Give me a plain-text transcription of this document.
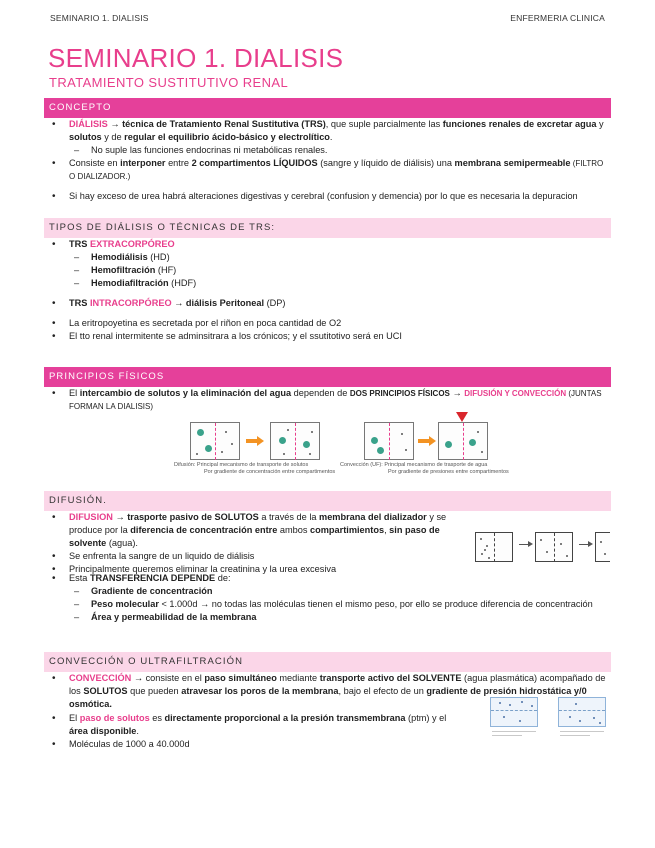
SEMINARIO 1. DIALISIS	ENFERMERIA CLINICA
SEMINARIO 1. DIALISIS
TRATAMIENTO SUSTITUTIVO RENAL
CONCEPTO
• DIÁLISIS → técnica de Tratamiento Renal Sustitutiva (TRS), que suple parcialmente las funciones renales de excretar agua y solutos y de regular el equilibrio ácido-básico y electrolítico.
– No suple las funciones endocrinas ni metabólicas renales.
• Consiste en interponer entre 2 compartimentos LÍQUIDOS (sangre y líquido de diálisis) una membrana semipermeable (FILTRO O DIALIZADOR.)
• Si hay exceso de urea habrá alteraciones digestivas y cerebral (confusion y demencia) por lo que es necesaria la depuracion
TIPOS DE DIÁLISIS O TÉCNICAS DE TRS:
• TRS EXTRACORPÓREO
– Hemodiálisis (HD)
– Hemofiltración (HF)
– Hemodiafiltración (HDF)
• TRS INTRACORPÓREO → diálisis Peritoneal (DP)
• La eritropoyetina es secretada por el riñon en poca cantidad de O2
• El tto renal intermitente se adminsitrara a los crónicos; y el ssutitotivo será en UCI
PRINCIPIOS FÍSICOS
• El intercambio de solutos y la eliminación del agua dependen de DOS PRINCIPIOS FÍSICOS → DIFUSIÓN Y CONVECCIÓN (JUNTAS FORMAN LA DIALISIS)
Difusión: Principal mecanismo de transporte de solutos
Por gradiente de concentración entre compartimentos
Convección (UF): Principal mecanismo de trasporte de agua
Por gradiente de presiones entre compartimentos
DIFUSIÓN.
• DIFUSION → trasporte pasivo de SOLUTOS a través de la membrana del dializador y se produce por la diferencia de concentración entre ambos compartimientos, sin paso de solvente (agua).
• Se enfrenta la sangre de un liquido de diálisis
• Principalmente queremos eliminar la creatinina y la urea excesiva
• Esta TRANSFERENCIA DEPENDE de:
– Gradiente de concentración
– Peso molecular < 1.000d → no todas las moléculas tienen el mismo peso, por ello se produce diferencia de concentración
– Área y permeabilidad de la membrana
CONVECCIÓN O ULTRAFILTRACIÓN
• CONVECCIÓN → consiste en el paso simultáneo mediante transporte activo del SOLVENTE (agua plasmática) acompañado de los SOLUTOS que pueden atravesar los poros de la membrana, bajo el efecto de un gradiente de presión hidrostática y/0 osmótica.
• El paso de solutos es directamente proporcional a la presión transmembrana (ptm) y el área disponible.
• Moléculas de 1000 a 40.000d
